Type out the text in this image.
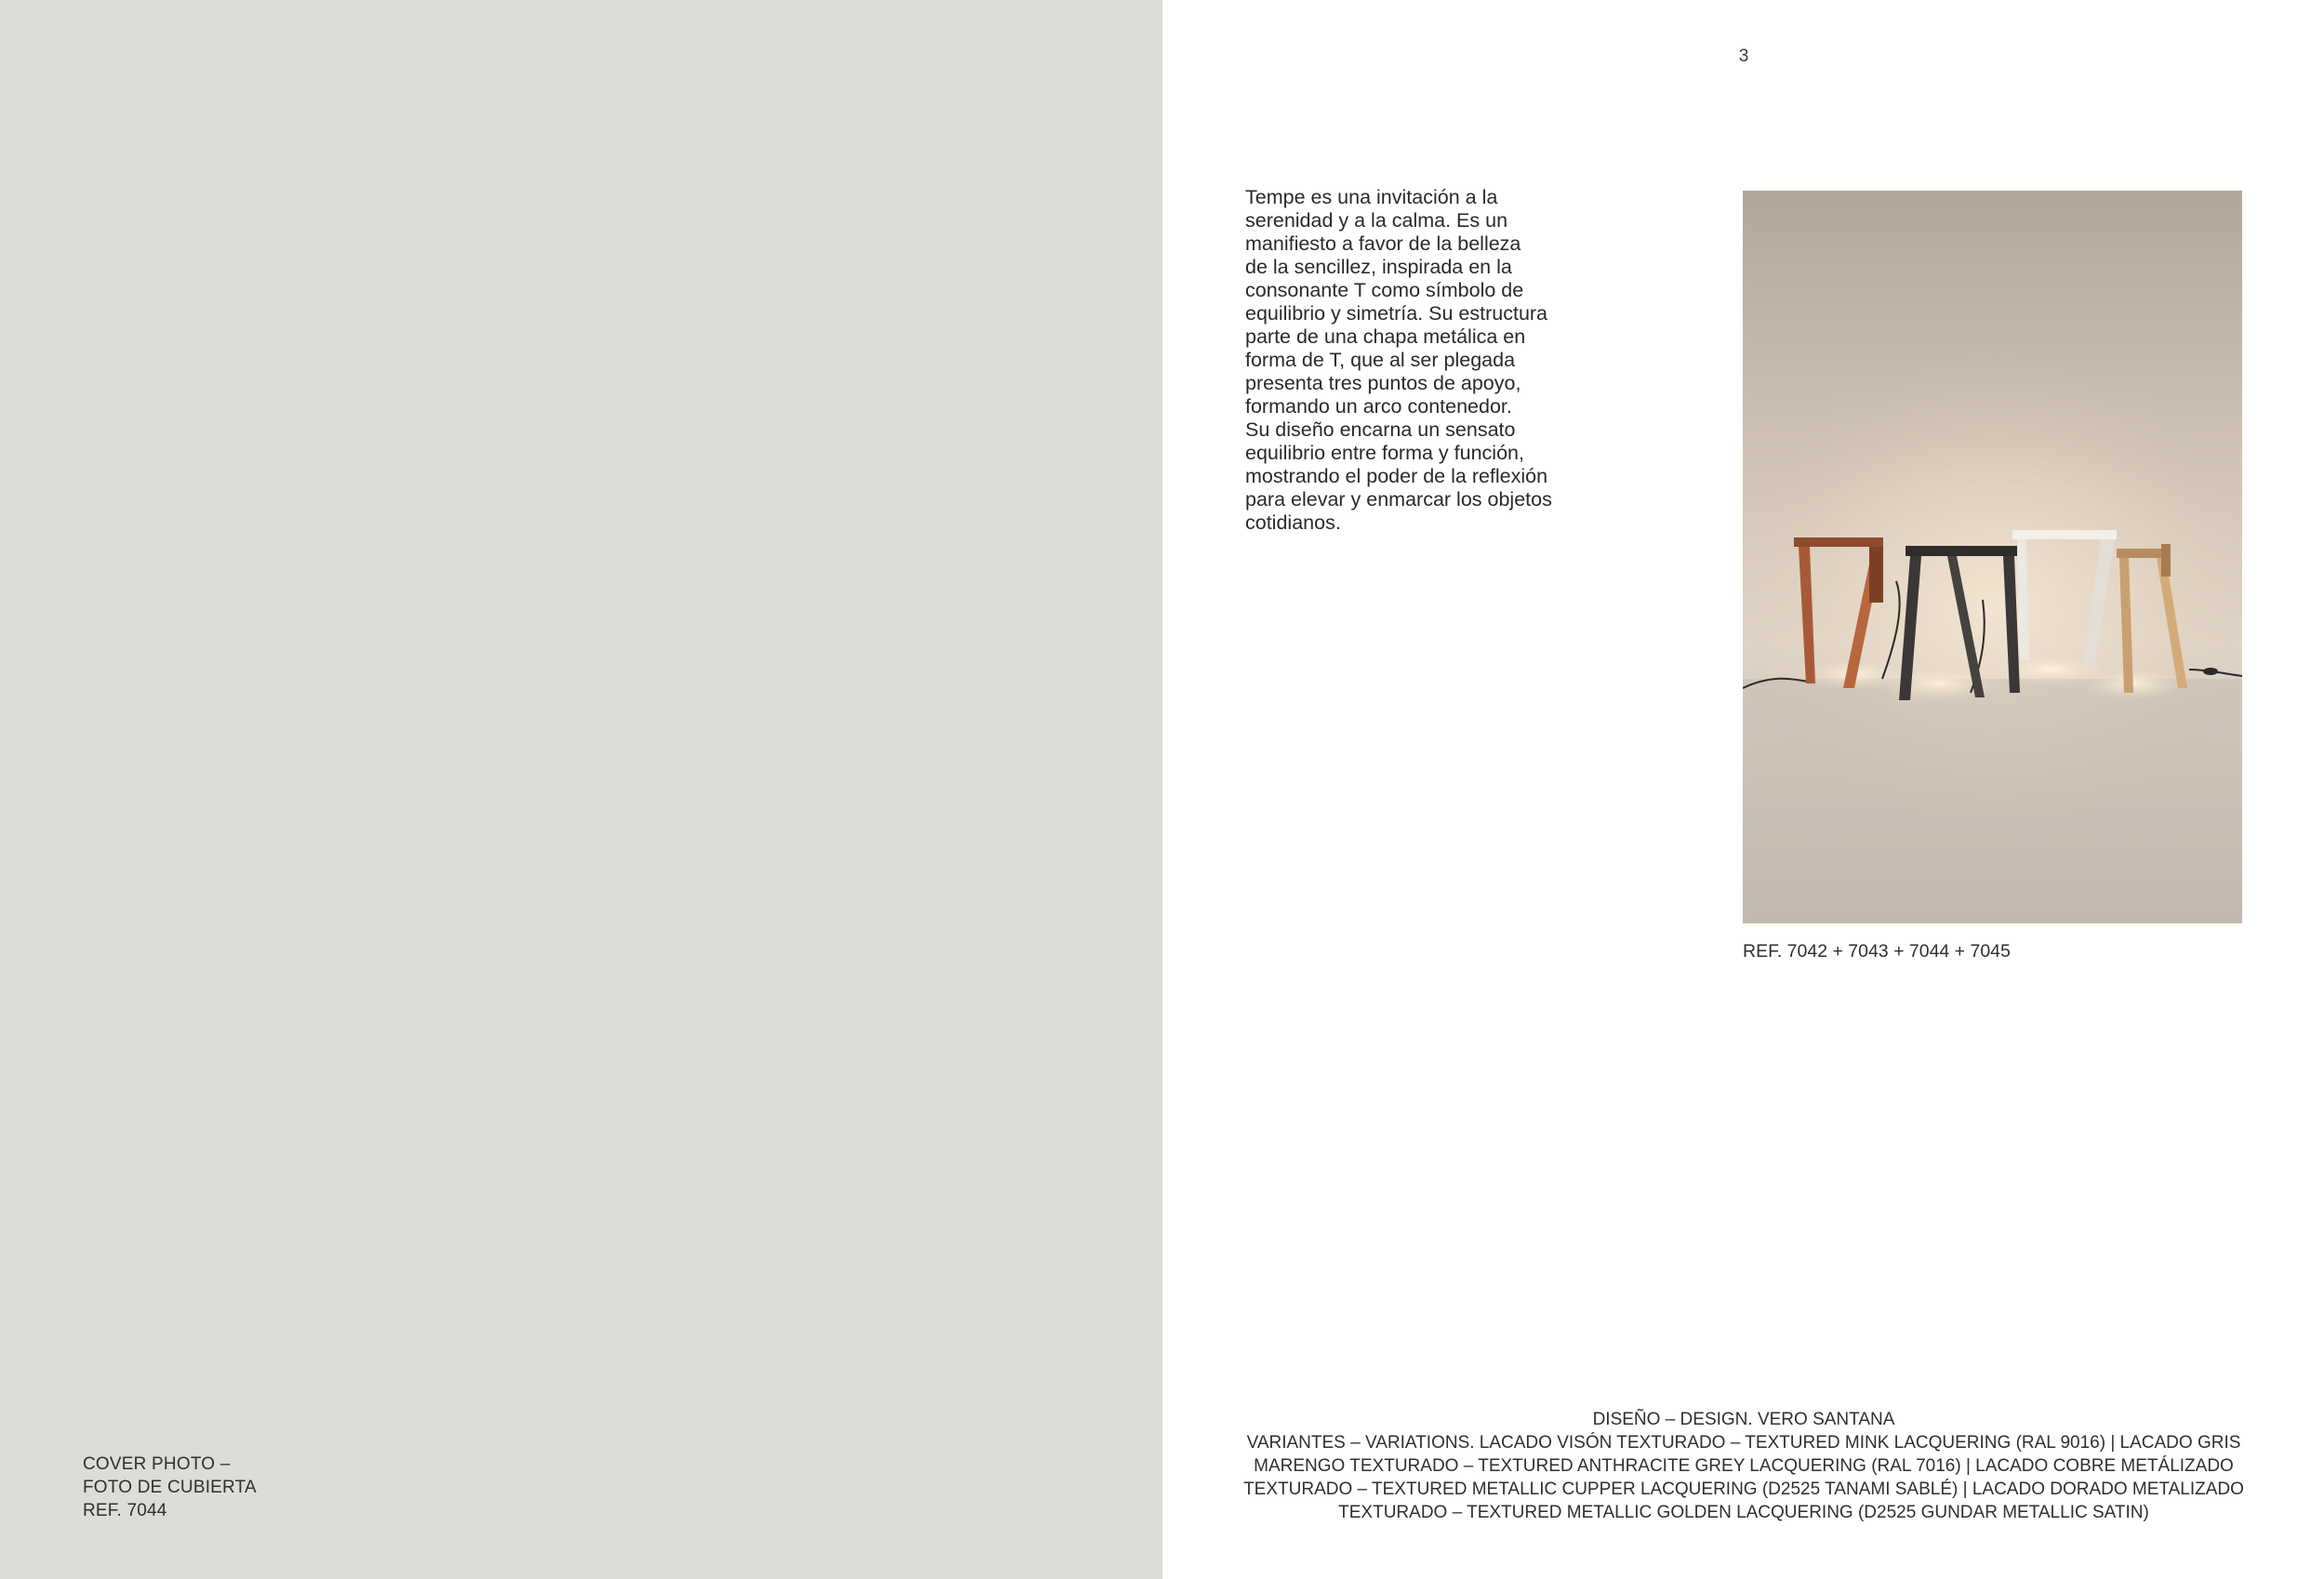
COVER PHOTO –
FOTO DE CUBIERTA
REF. 7044
3
Tempe es una invitación a la
serenidad y a la calma. Es un
manifiesto a favor de la belleza
de la sencillez, inspirada en la
consonante T como símbolo de
equilibrio y simetría. Su estructura
parte de una chapa metálica en
forma de T, que al ser plegada
presenta tres puntos de apoyo,
formando un arco contenedor.
Su diseño encarna un sensato
equilibrio entre forma y función,
mostrando el poder de la reflexión
para elevar y enmarcar los objetos
cotidianos.
REF. 7042 + 7043 + 7044 + 7045
DISEÑO – DESIGN. VERO SANTANA
VARIANTES – VARIATIONS. LACADO VISÓN TEXTURADO – TEXTURED MINK LACQUERING (RAL 9016) | LACADO GRIS
MARENGO TEXTURADO – TEXTURED ANTHRACITE GREY LACQUERING (RAL 7016) | LACADO COBRE METÁLIZADO
TEXTURADO – TEXTURED METALLIC CUPPER LACQUERING (D2525 TANAMI SABLÉ) | LACADO DORADO METALIZADO
TEXTURADO – TEXTURED METALLIC GOLDEN LACQUERING (D2525 GUNDAR METALLIC SATIN)
